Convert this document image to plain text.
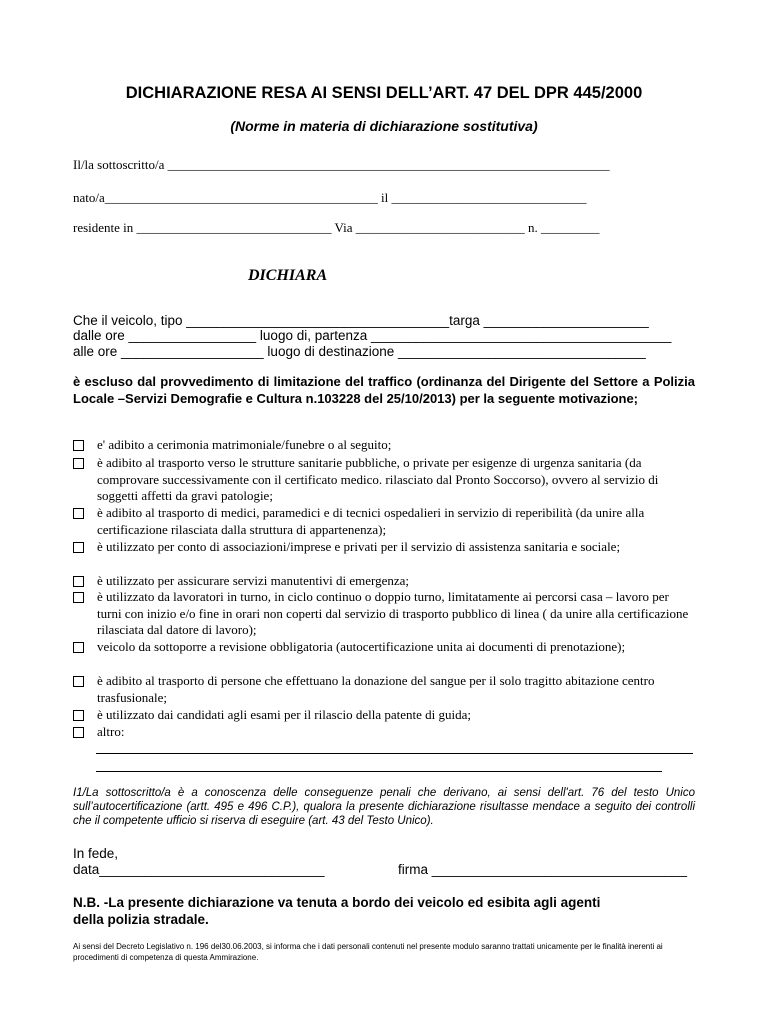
DICHIARAZIONE RESA AI SENSI DELL’ART. 47 DEL DPR 445/2000
(Norme in materia di dichiarazione sostitutiva)
Il/la sottoscritto/a ____________________________________________________________________
nato/a__________________________________________ il ______________________________
residente in ______________________________ Via __________________________ n. _________
DICHIARA
Che il veicolo, tipo ___________________________________targa ______________________
dalle ore _________________ luogo di, partenza ________________________________________
alle ore ___________________ luogo di destinazione _________________________________
è escluso dal provvedimento di limitazione del traffico (ordinanza del Dirigente del Settore a Polizia Locale –Servizi Demografie e Cultura n.103228 del 25/10/2013) per la seguente motivazione;
e' adibito a cerimonia matrimoniale/funebre o al seguito;
è adibito al trasporto verso le strutture sanitarie pubbliche, o private per esigenze di urgenza sanitaria (da comprovare successivamente con il certificato medico. rilasciato dal Pronto Soccorso), ovvero al servizio di soggetti affetti da gravi patologie;
è adibito al trasporto di medici, paramedici e di tecnici ospedalieri in servizio di reperibilità (da unire alla certificazione rilasciata dalla struttura di appartenenza);
è utilizzato per conto di associazioni/imprese e privati per il servizio di assistenza sanitaria e sociale;
è utilizzato per assicurare servizi manutentivi di emergenza;
è utilizzato da lavoratori in turno, in ciclo continuo o doppio turno, limitatamente ai percorsi casa – lavoro per turni con inizio e/o fine in orari non coperti dal servizio di trasporto pubblico di linea ( da unire alla certificazione rilasciata dal datore di lavoro);
veicolo da sottoporre a revisione obbligatoria (autocertificazione unita ai documenti di prenotazione);
è adibito al trasporto di persone che effettuano la donazione del sangue per il solo tragitto abitazione centro trasfusionale;
è utilizzato dai candidati agli esami per il rilascio della patente di guida;
altro:
I1/La sottoscritto/a è a conoscenza delle conseguenze penali che derivano, ai sensi dell'art. 76 del testo Unico sull’autocertificazione (artt. 495 e 496 C.P.), qualora la presente dichiarazione risultasse mendace a seguito dei controlli che il competente ufficio si riserva di eseguire (art. 43 del Testo Unico).
In fede,
data______________________________	firma __________________________________
N.B. -La presente dichiarazione va tenuta a bordo dei veicolo ed esibita agli agenti
della polizia stradale.
Ai sensi del Decreto Legislativo n. 196 del30.06.2003, si informa che i dati personali contenuti nel presente modulo saranno trattati unicamente per le finalità inerenti ai procedimenti di competenza di questa Ammirazione.
